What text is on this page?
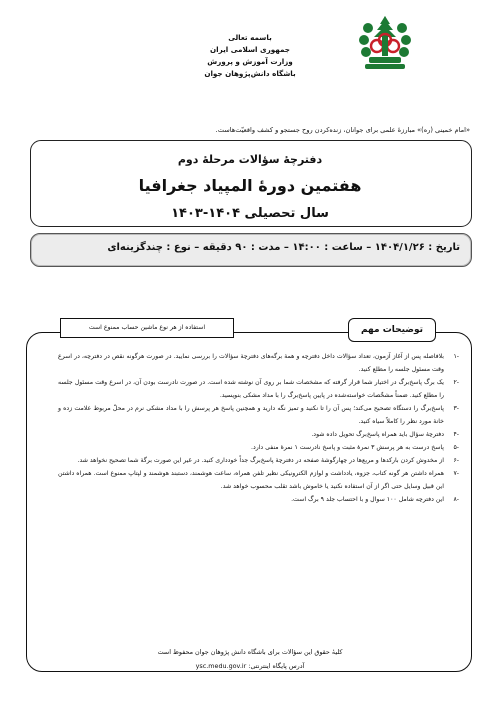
باسمه تعالی
جمهوری اسلامی ایران
وزارت آموزش و پرورش
باشگاه دانش‌پژوهان جوان
«امام خمینی (ره)» مبارزهٔ علمی برای جوانان، زنده‌کردن روح جستجو و کشف واقعیّت‌هاست.
دفترچهٔ سؤالات مرحلهٔ دوم
هفتمین دورهٔ المپیاد جغرافیا
سال تحصیلی ۱۴۰۴-۱۴۰۳
تاریخ : ۱۴۰۴/۱/۲۶ – ساعت : ۱۴:۰۰ – مدت : ۹۰ دقیقه – نوع : چندگزینه‌ای
توضیحات مهم
استفاده از هر نوع ماشین حساب ممنوع است
-۱
بلافاصله پس از آغاز آزمون، تعداد سؤالات داخل دفترچه و همهٔ برگه‌های دفترچهٔ سؤالات را بررسی نمایید. در صورت هرگونه نقص در دفترچه، در اسرع وقت مسئول جلسه را مطلع کنید.
-۲
یک برگ پاسخ‌برگ در اختیار شما قرار گرفته که مشخصات شما بر روی آن نوشته شده است. در صورت نادرست بودن آن، در اسرع وقت مسئول جلسه را مطلع کنید. ضمناً مشخّصات خواسته‌شده در پایین پاسخ‌برگ را با مداد مشکی بنویسید.
-۳
پاسخ‌برگ را دستگاه تصحیح می‌کند؛ پس آن را تا نکنید و تمیز نگه دارید و همچنین پاسخ هر پرسش را با مداد مشکی نرم در محلّ مربوط علامت زده و خانهٔ مورد نظر را کاملاً سیاه کنید.
-۴
دفترچهٔ سؤال باید همراه پاسخ‌برگ تحویل داده شود.
-۵
پاسخ درست به هر پرسش ۳ نمرهٔ مثبت و پاسخ نادرست ۱ نمرهٔ منفی دارد.
-۶
از مخدوش کردن بارکدها و مربع‌ها در چهارگوشهٔ صفحه در دفترچهٔ پاسخ‌برگ جداً خودداری کنید. در غیر این صورت برگهٔ شما تصحیح نخواهد شد.
-۷
همراه داشتن هر گونه کتاب، جزوه، یادداشت و لوازم الکترونیکی نظیر تلفن همراه، ساعت هوشمند، دستبند هوشمند و لپتاپ ممنوع است. همراه داشتن این قبیل وسایل حتی اگر از آن استفاده نکنید یا خاموش باشد تقلب محسوب خواهد شد.
-۸
این دفترچه شامل ۱۰۰ سوال و با احتساب جلد ۹ برگ است.
کلیهٔ حقوق این سؤالات برای باشگاه دانش پژوهان جوان محفوظ است
آدرس پایگاه اینترنتی: ysc.medu.gov.ir
